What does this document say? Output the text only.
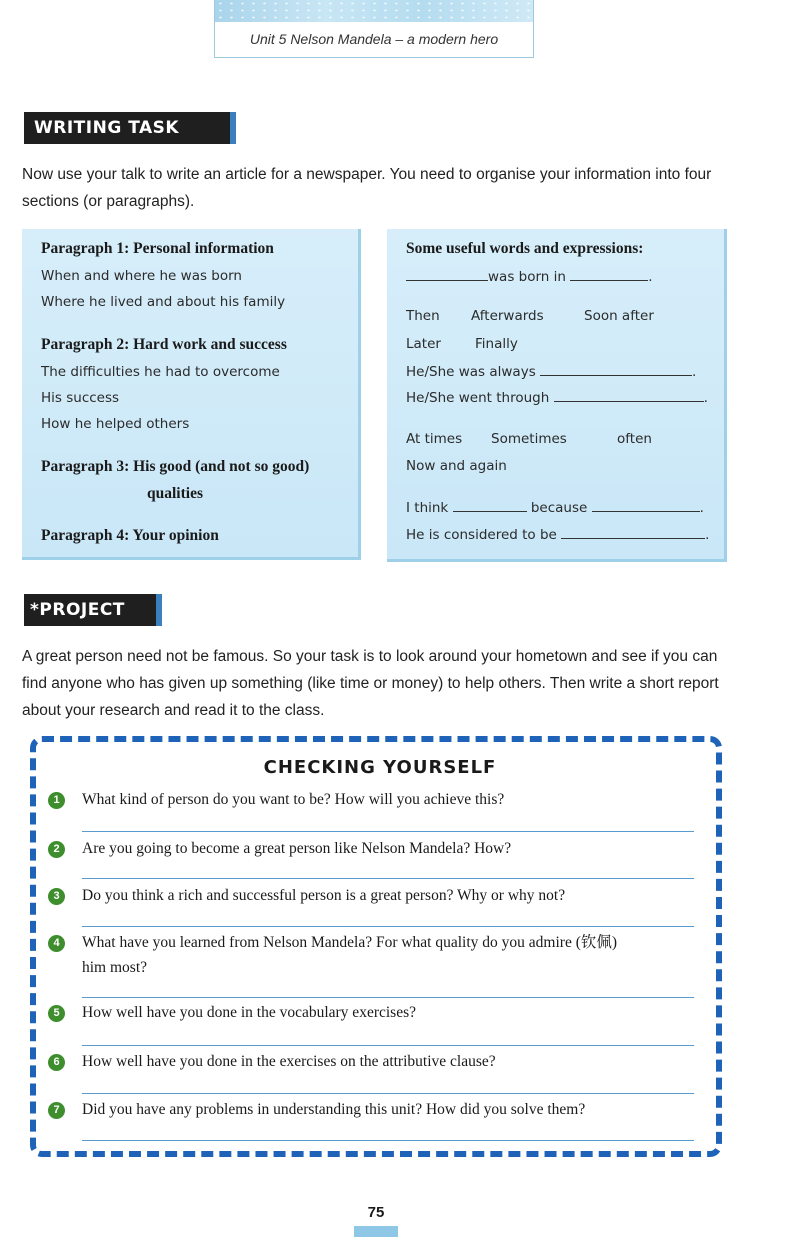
Unit 5 Nelson Mandela – a modern hero
WRITING TASK
Now use your talk to write an article for a newspaper. You need to organise your information into four sections (or paragraphs).
Paragraph 1: Personal information
When and where he was born
Where he lived and about his family
Paragraph 2: Hard work and success
The difficulties he had to overcome
His success
How he helped others
Paragraph 3: His good (and not so good)
qualities
Paragraph 4: Your opinion
Some useful words and expressions:
was born in	.
Then Afterwards	Soon after
Later	Finally
He/She was always	.
He/She went through	.
At times Sometimes	often
Now and again
I think	because	.
He is considered to be	.
*PROJECT
A great person need not be famous. So your task is to look around your hometown and see if you can find anyone who has given up something (like time or money) to help others. Then write a short report about your research and read it to the class.
CHECKING YOURSELF
1	What kind of person do you want to be? How will you achieve this?
2	Are you going to become a great person like Nelson Mandela? How?
3	Do you think a rich and successful person is a great person? Why or why not?
4	What have you learned from Nelson Mandela? For what quality do you admire (钦佩)
him most?
5	How well have you done in the vocabulary exercises?
6	How well have you done in the exercises on the attributive clause?
7	Did you have any problems in understanding this unit? How did you solve them?
75
